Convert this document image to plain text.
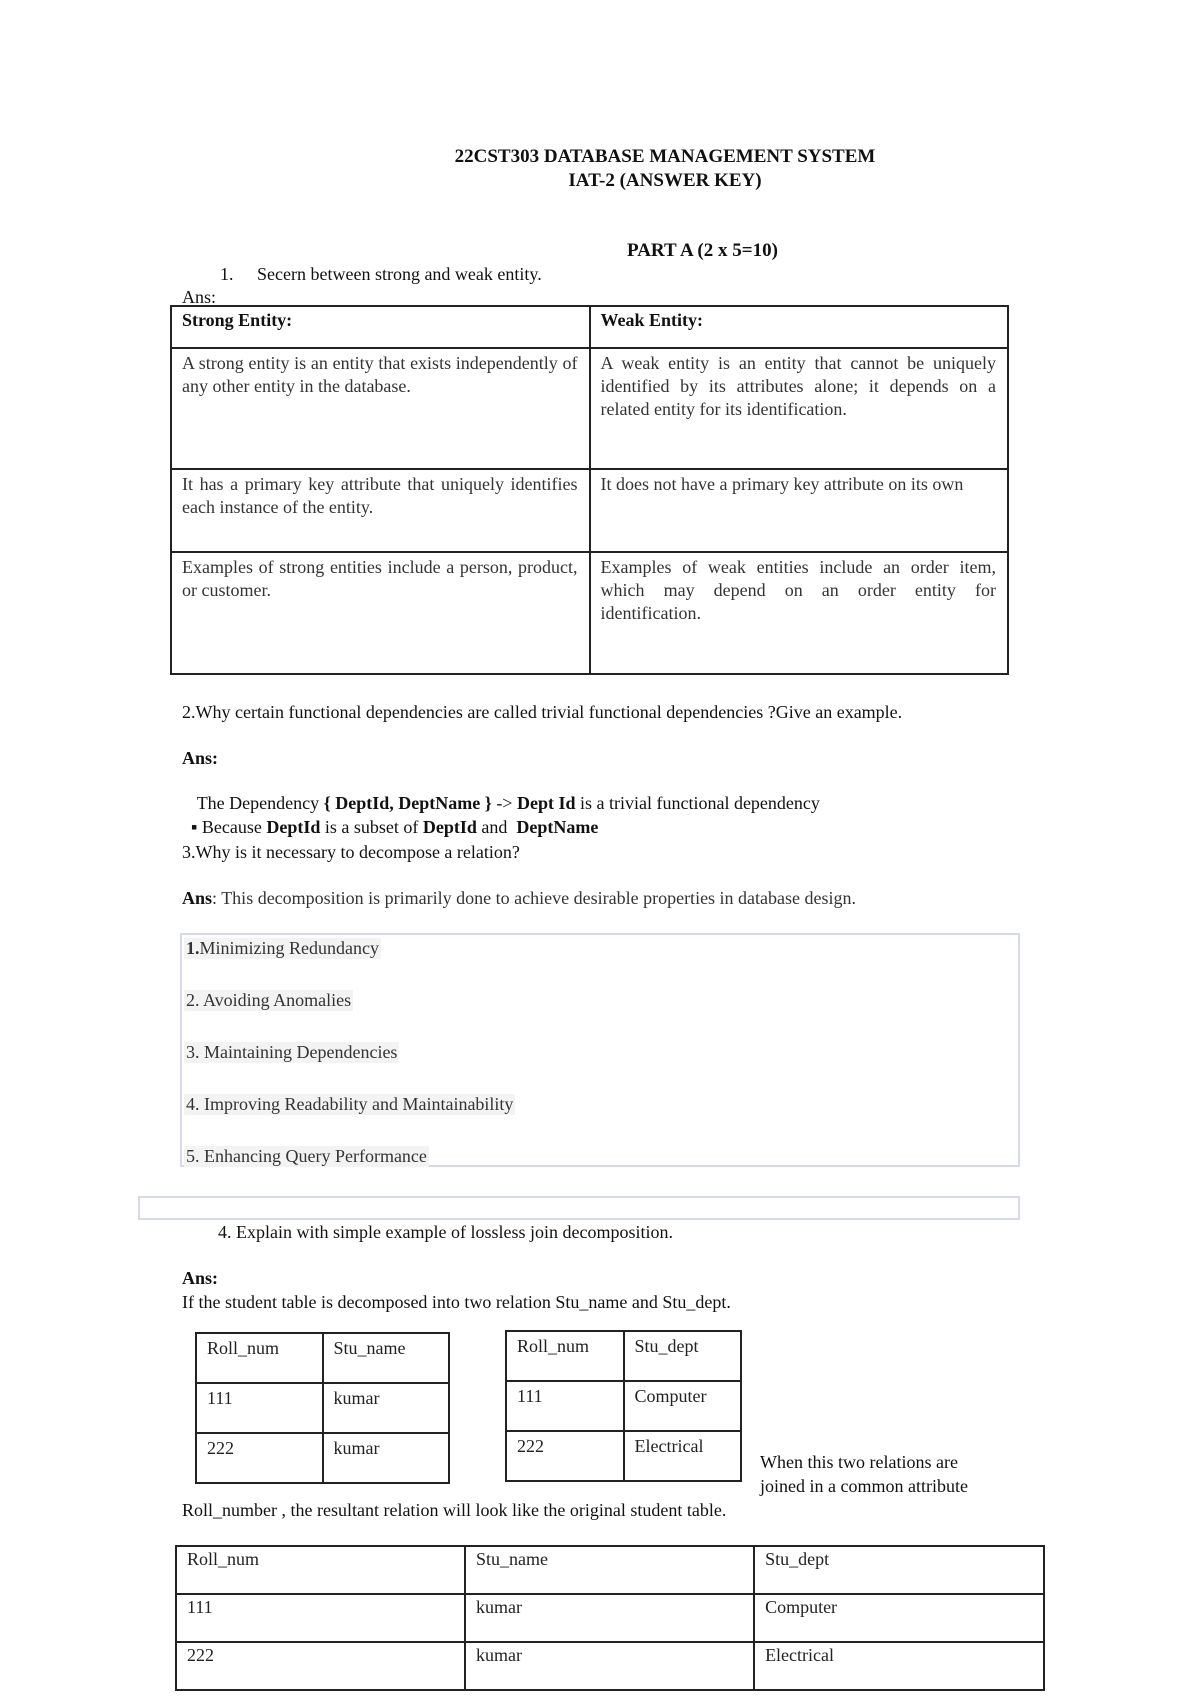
22CST303 DATABASE MANAGEMENT SYSTEM
IAT-2 (ANSWER KEY)
PART A (2 x 5=10)
1. Secern between strong and weak entity.
Ans:
Strong Entity:	Weak Entity:
A strong entity is an entity that exists independently of any other entity in the database.	A weak entity is an entity that cannot be uniquely identified by its attributes alone; it depends on a related entity for its identification.
It has a primary key attribute that uniquely identifies each instance of the entity.	It does not have a primary key attribute on its own
Examples of strong entities include a person, product, or customer.	Examples of weak entities include an order item, which may depend on an order entity for identification.
2.Why certain functional dependencies are called trivial functional dependencies ?Give an example.
Ans:

The Dependency { DeptId, DeptName } -> Dept Id is a trivial functional dependency

▪ Because DeptId is a subset of DeptId and  DeptName

3.Why is it necessary to decompose a relation?
Ans: This decomposition is primarily done to achieve desirable properties in database design.
1.Minimizing Redundancy
2. Avoiding Anomalies
3. Maintaining Dependencies
4. Improving Readability and Maintainability
5. Enhancing Query Performance
4. Explain with simple example of lossless join decomposition.
Ans:
If the student table is decomposed into two relation Stu_name and Stu_dept.
Roll_num	Stu_name
111	kumar
222	kumar
Roll_num	Stu_dept
111	Computer
222	Electrical
When this two relations are
joined in a common attribute
Roll_number , the resultant relation will look like the original student table.
Roll_num	Stu_name	Stu_dept
111	kumar	Computer
222	kumar	Electrical
